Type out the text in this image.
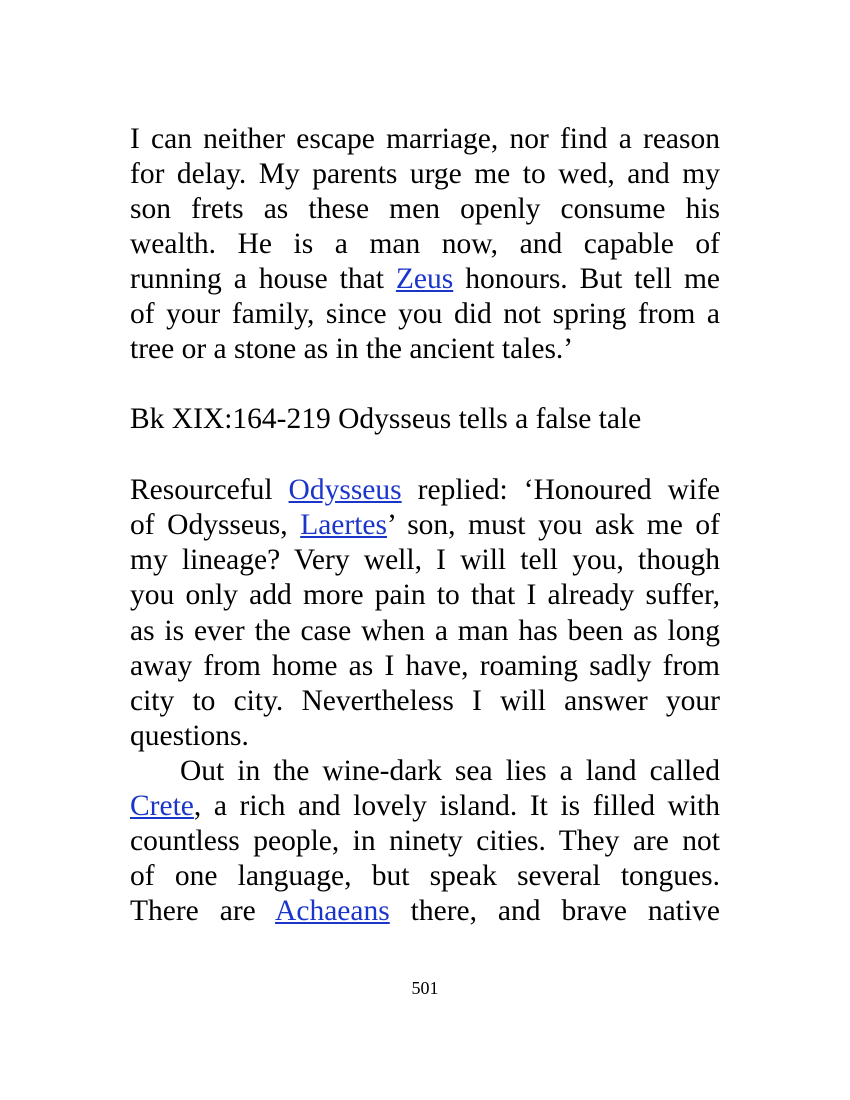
I can neither escape marriage, nor find a reason
for delay. My parents urge me to wed, and my
son frets as these men openly consume his
wealth. He is a man now, and capable of
running a house that Zeus honours. But tell me
of your family, since you did not spring from a
tree or a stone as in the ancient tales.’
Bk XIX:164-219 Odysseus tells a false tale
Resourceful Odysseus replied: ‘Honoured wife
of Odysseus, Laertes’ son, must you ask me of
my lineage? Very well, I will tell you, though
you only add more pain to that I already suffer,
as is ever the case when a man has been as long
away from home as I have, roaming sadly from
city to city. Nevertheless I will answer your
questions.
Out in the wine-dark sea lies a land called
Crete, a rich and lovely island. It is filled with
countless people, in ninety cities. They are not
of one language, but speak several tongues.
There are Achaeans there, and brave native
501
